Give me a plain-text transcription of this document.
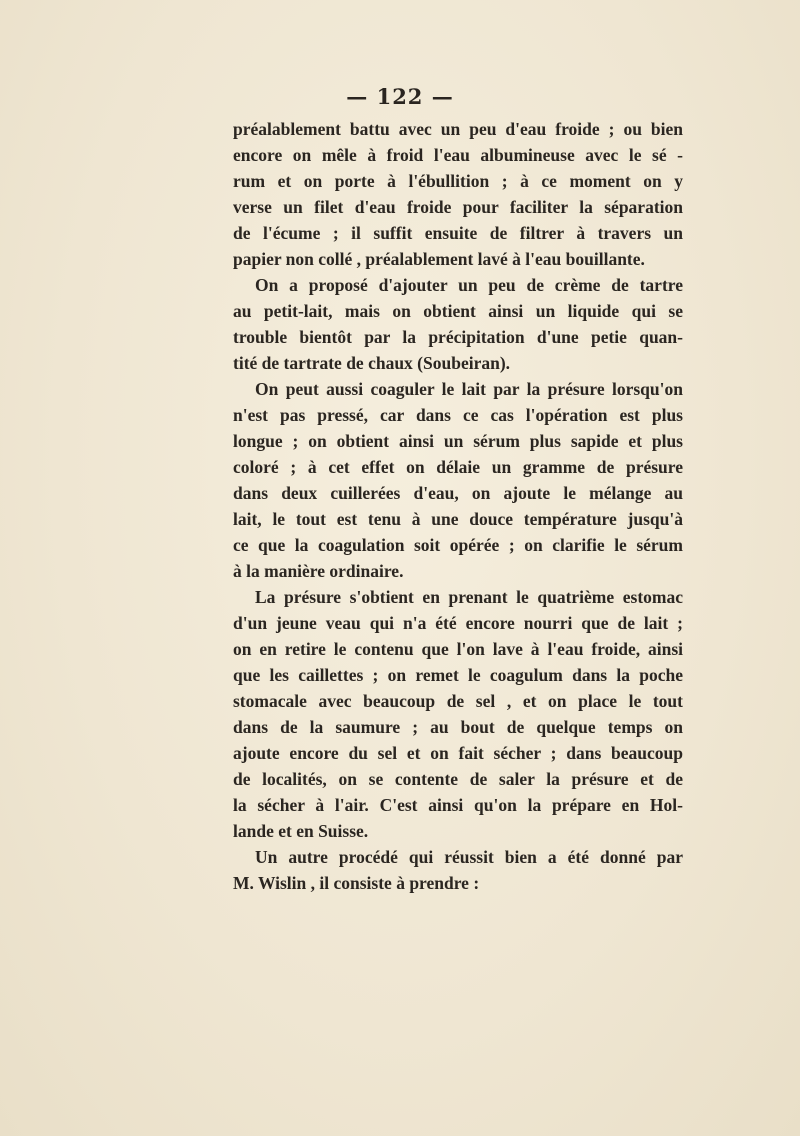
— 122 —
préalablement battu avec un peu d'eau froide ; ou bien
encore on mêle à froid l'eau albumineuse avec le sé -
rum et on porte à l'ébullition ; à ce moment on y
verse un filet d'eau froide pour faciliter la séparation
de l'écume ; il suffit ensuite de filtrer à travers un
papier non collé , préalablement lavé à l'eau bouillante.
On a proposé d'ajouter un peu de crème de tartre
au petit-lait, mais on obtient ainsi un liquide qui se
trouble bientôt par la précipitation d'une petie quan-
tité de tartrate de chaux (Soubeiran).
On peut aussi coaguler le lait par la présure lorsqu'on
n'est pas pressé, car dans ce cas l'opération est plus
longue ; on obtient ainsi un sérum plus sapide et plus
coloré ; à cet effet on délaie un gramme de présure
dans deux cuillerées d'eau, on ajoute le mélange au
lait, le tout est tenu à une douce température jusqu'à
ce que la coagulation soit opérée ; on clarifie le sérum
à la manière ordinaire.
La présure s'obtient en prenant le quatrième estomac
d'un jeune veau qui n'a été encore nourri que de lait ;
on en retire le contenu que l'on lave à l'eau froide, ainsi
que les caillettes ; on remet le coagulum dans la poche
stomacale avec beaucoup de sel , et on place le tout
dans de la saumure ; au bout de quelque temps on
ajoute encore du sel et on fait sécher ; dans beaucoup
de localités, on se contente de saler la présure et de
la sécher à l'air. C'est ainsi qu'on la prépare en Hol-
lande et en Suisse.
Un autre procédé qui réussit bien a été donné par
M. Wislin , il consiste à prendre :
